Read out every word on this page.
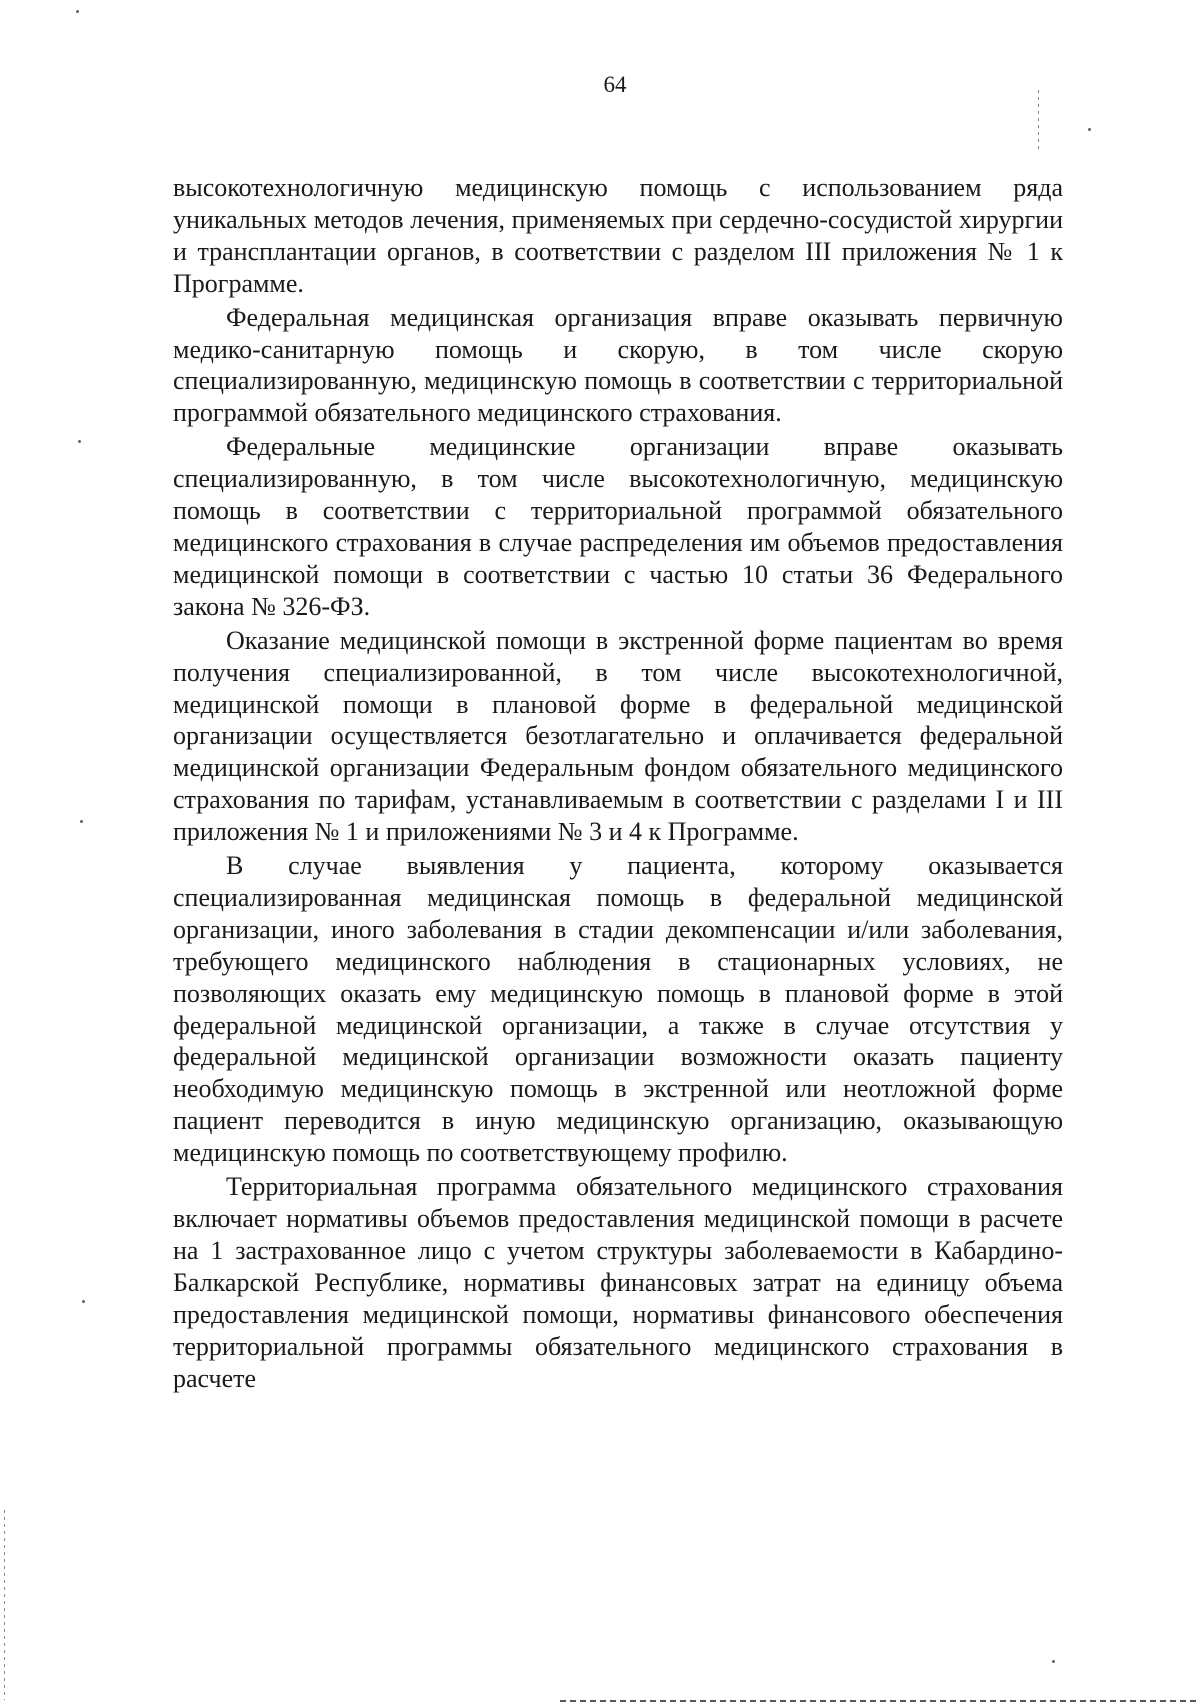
64

высокотехнологичную медицинскую помощь с использованием ряда уникальных методов лечения, применяемых при сердечно-сосудистой хирургии и трансплантации органов, в соответствии с разделом III приложения № 1 к Программе.

Федеральная медицинская организация вправе оказывать первичную медико-санитарную помощь и скорую, в том числе скорую специализированную, медицинскую помощь в соответствии с территориальной программой обязательного медицинского страхования.

Федеральные медицинские организации вправе оказывать специализированную, в том числе высокотехнологичную, медицинскую помощь в соответствии с территориальной программой обязательного медицинского страхования в случае распределения им объемов предоставления медицинской помощи в соответствии с частью 10 статьи 36 Федерального закона № 326-ФЗ.

Оказание медицинской помощи в экстренной форме пациентам во время получения специализированной, в том числе высокотехнологичной, медицинской помощи в плановой форме в федеральной медицинской организации осуществляется безотлагательно и оплачивается федеральной медицинской организации Федеральным фондом обязательного медицинского страхования по тарифам, устанавливаемым в соответствии с разделами I и III приложения № 1 и приложениями № 3 и 4 к Программе.

В случае выявления у пациента, которому оказывается специализированная медицинская помощь в федеральной медицинской организации, иного заболевания в стадии декомпенсации и/или заболевания, требующего медицинского наблюдения в стационарных условиях, не позволяющих оказать ему медицинскую помощь в плановой форме в этой федеральной медицинской организации, а также в случае отсутствия у федеральной медицинской организации возможности оказать пациенту необходимую медицинскую помощь в экстренной или неотложной форме пациент переводится в иную медицинскую организацию, оказывающую медицинскую помощь по соответствующему профилю.

Территориальная программа обязательного медицинского страхования включает нормативы объемов предоставления медицинской помощи в расчете на 1 застрахованное лицо с учетом структуры заболеваемости в Кабардино-Балкарской Республике, нормативы финансовых затрат на единицу объема предоставления медицинской помощи, нормативы финансового обеспечения территориальной программы обязательного медицинского страхования в расчете
